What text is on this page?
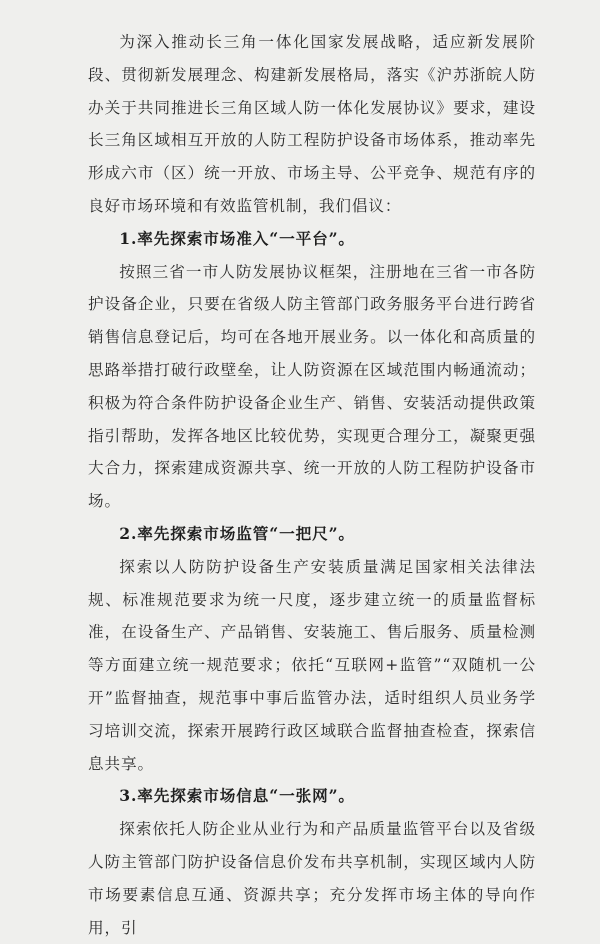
为深入推动长三角一体化国家发展战略，适应新发展阶段、贯彻新发展理念、构建新发展格局，落实《沪苏浙皖人防办关于共同推进长三角区域人防一体化发展协议》要求，建设长三角区域相互开放的人防工程防护设备市场体系，推动率先形成六市（区）统一开放、市场主导、公平竞争、规范有序的良好市场环境和有效监管机制，我们倡议：

1.率先探索市场准入“一平台”。

按照三省一市人防发展协议框架，注册地在三省一市各防护设备企业，只要在省级人防主管部门政务服务平台进行跨省销售信息登记后，均可在各地开展业务。以一体化和高质量的思路举措打破行政壁垒，让人防资源在区域范围内畅通流动；积极为符合条件防护设备企业生产、销售、安装活动提供政策指引帮助，发挥各地区比较优势，实现更合理分工，凝聚更强大合力，探索建成资源共享、统一开放的人防工程防护设备市场。

2.率先探索市场监管“一把尺”。

探索以人防防护设备生产安装质量满足国家相关法律法规、标准规范要求为统一尺度，逐步建立统一的质量监督标准，在设备生产、产品销售、安装施工、售后服务、质量检测等方面建立统一规范要求；依托“互联网+监管”“双随机一公开”监督抽查，规范事中事后监管办法，适时组织人员业务学习培训交流，探索开展跨行政区域联合监督抽查检查，探索信息共享。

3.率先探索市场信息“一张网”。

探索依托人防企业从业行为和产品质量监管平台以及省级人防主管部门防护设备信息价发布共享机制，实现区域内人防市场要素信息互通、资源共享；充分发挥市场主体的导向作用，引
